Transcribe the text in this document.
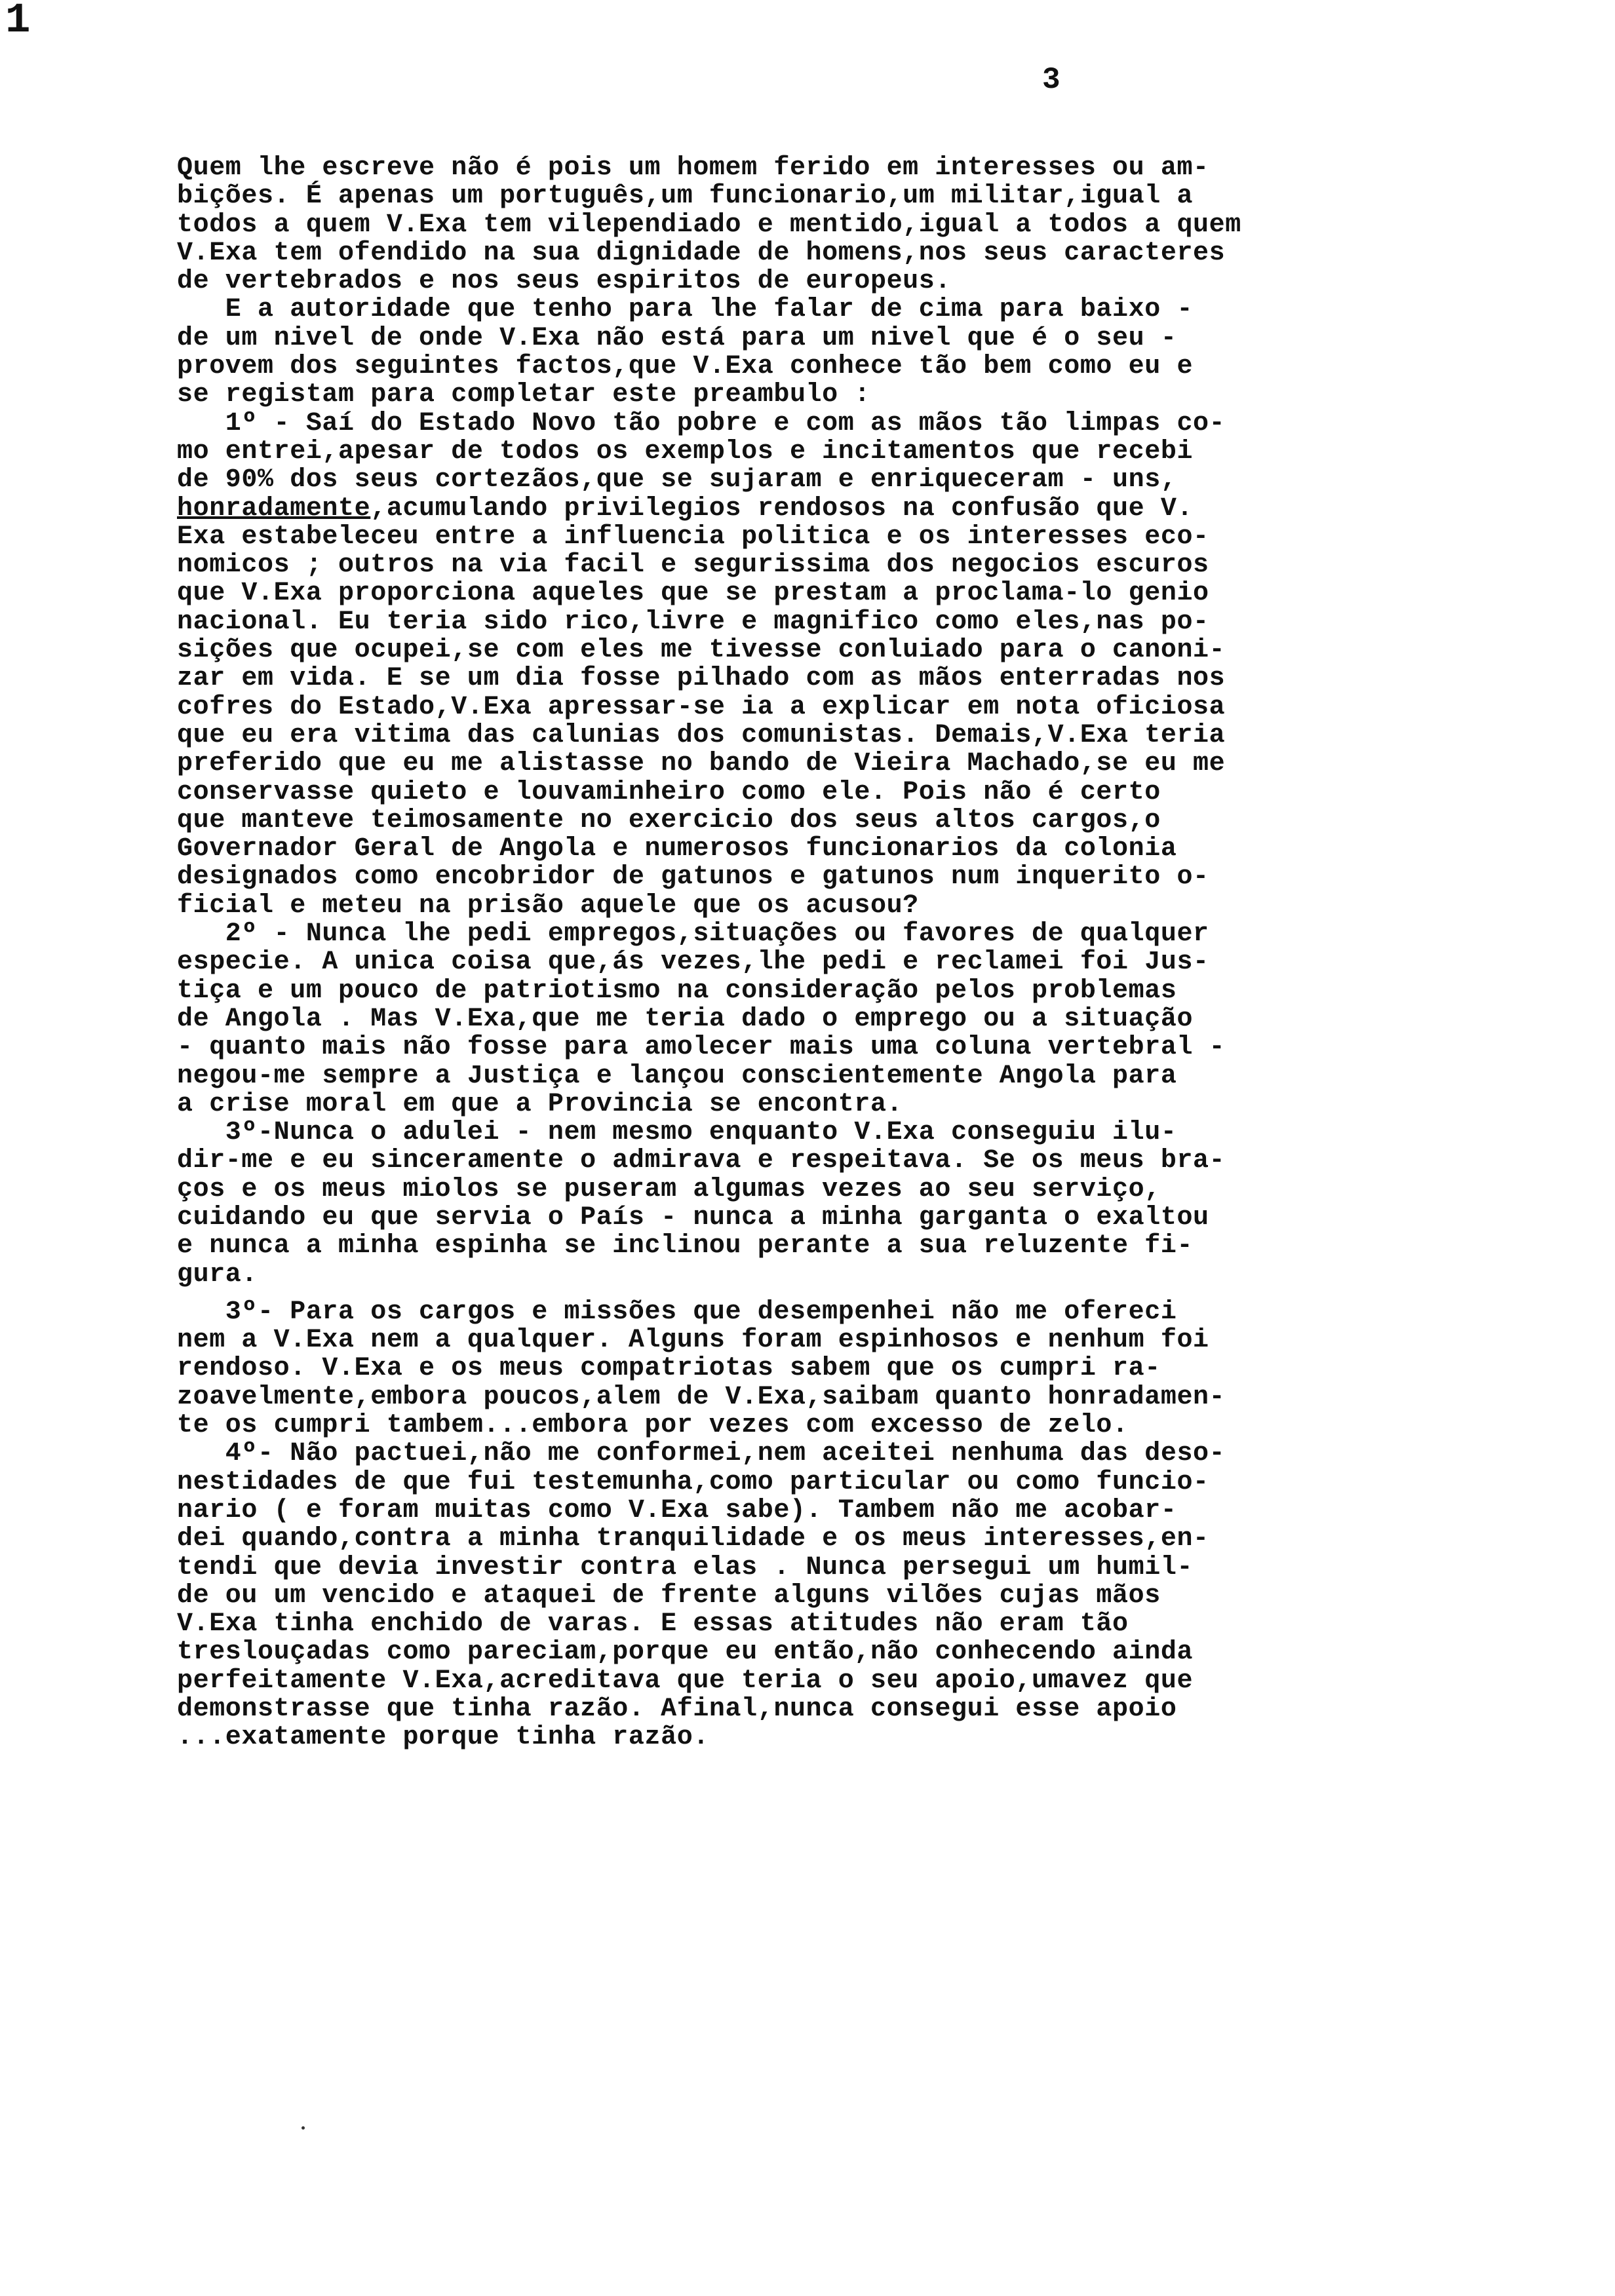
1
3
Quem lhe escreve não é pois um homem ferido em interesses ou am-
bições. É apenas um português,um funcionario,um militar,igual a
todos a quem V.Exa tem vilependiado e mentido,igual a todos a quem
V.Exa tem ofendido na sua dignidade de homens,nos seus caracteres
de vertebrados e nos seus espiritos de europeus.
E a autoridade que tenho para lhe falar de cima para baixo -
de um nivel de onde V.Exa não está para um nivel que é o seu -
provem dos seguintes factos,que V.Exa conhece tão bem como eu e
se registam para completar este preambulo :
1º - Saí do Estado Novo tão pobre e com as mãos tão limpas co-
mo entrei,apesar de todos os exemplos e incitamentos que recebi
de 90% dos seus cortezãos,que se sujaram e enriqueceram - uns,
honradamente,acumulando privilegios rendosos na confusão que V.
Exa estabeleceu entre a influencia politica e os interesses eco-
nomicos ; outros na via facil e segurissima dos negocios escuros
que V.Exa proporciona aqueles que se prestam a proclama-lo genio
nacional. Eu teria sido rico,livre e magnifico como eles,nas po-
sições que ocupei,se com eles me tivesse conluiado para o canoni-
zar em vida. E se um dia fosse pilhado com as mãos enterradas nos
cofres do Estado,V.Exa apressar-se ia a explicar em nota oficiosa
que eu era vitima das calunias dos comunistas. Demais,V.Exa teria
preferido que eu me alistasse no bando de Vieira Machado,se eu me
conservasse quieto e louvaminheiro como ele. Pois não é certo
que manteve teimosamente no exercicio dos seus altos cargos,o
Governador Geral de Angola e numerosos funcionarios da colonia
designados como encobridor de gatunos e gatunos num inquerito o-
ficial e meteu na prisão aquele que os acusou?
2º - Nunca lhe pedi empregos,situações ou favores de qualquer
especie. A unica coisa que,ás vezes,lhe pedi e reclamei foi Jus-
tiça e um pouco de patriotismo na consideração pelos problemas
de Angola . Mas V.Exa,que me teria dado o emprego ou a situação
- quanto mais não fosse para amolecer mais uma coluna vertebral -
negou-me sempre a Justiça e lançou conscientemente Angola para
a crise moral em que a Provincia se encontra.
3º-Nunca o adulei - nem mesmo enquanto V.Exa conseguiu ilu-
dir-me e eu sinceramente o admirava e respeitava. Se os meus bra-
ços e os meus miolos se puseram algumas vezes ao seu serviço,
cuidando eu que servia o País - nunca a minha garganta o exaltou
e nunca a minha espinha se inclinou perante a sua reluzente fi-
gura.
3º- Para os cargos e missões que desempenhei não me ofereci
nem a V.Exa nem a qualquer. Alguns foram espinhosos e nenhum foi
rendoso. V.Exa e os meus compatriotas sabem que os cumpri ra-
zoavelmente,embora poucos,alem de V.Exa,saibam quanto honradamen-
te os cumpri tambem...embora por vezes com excesso de zelo.
4º- Não pactuei,não me conformei,nem aceitei nenhuma das deso-
nestidades de que fui testemunha,como particular ou como funcio-
nario ( e foram muitas como V.Exa sabe). Tambem não me acobar-
dei quando,contra a minha tranquilidade e os meus interesses,en-
tendi que devia investir contra elas . Nunca persegui um humil-
de ou um vencido e ataquei de frente alguns vilões cujas mãos
V.Exa tinha enchido de varas. E essas atitudes não eram tão
treslouçadas como pareciam,porque eu então,não conhecendo ainda
perfeitamente V.Exa,acreditava que teria o seu apoio,umavez que
demonstrasse que tinha razão. Afinal,nunca consegui esse apoio
...exatamente porque tinha razão.
